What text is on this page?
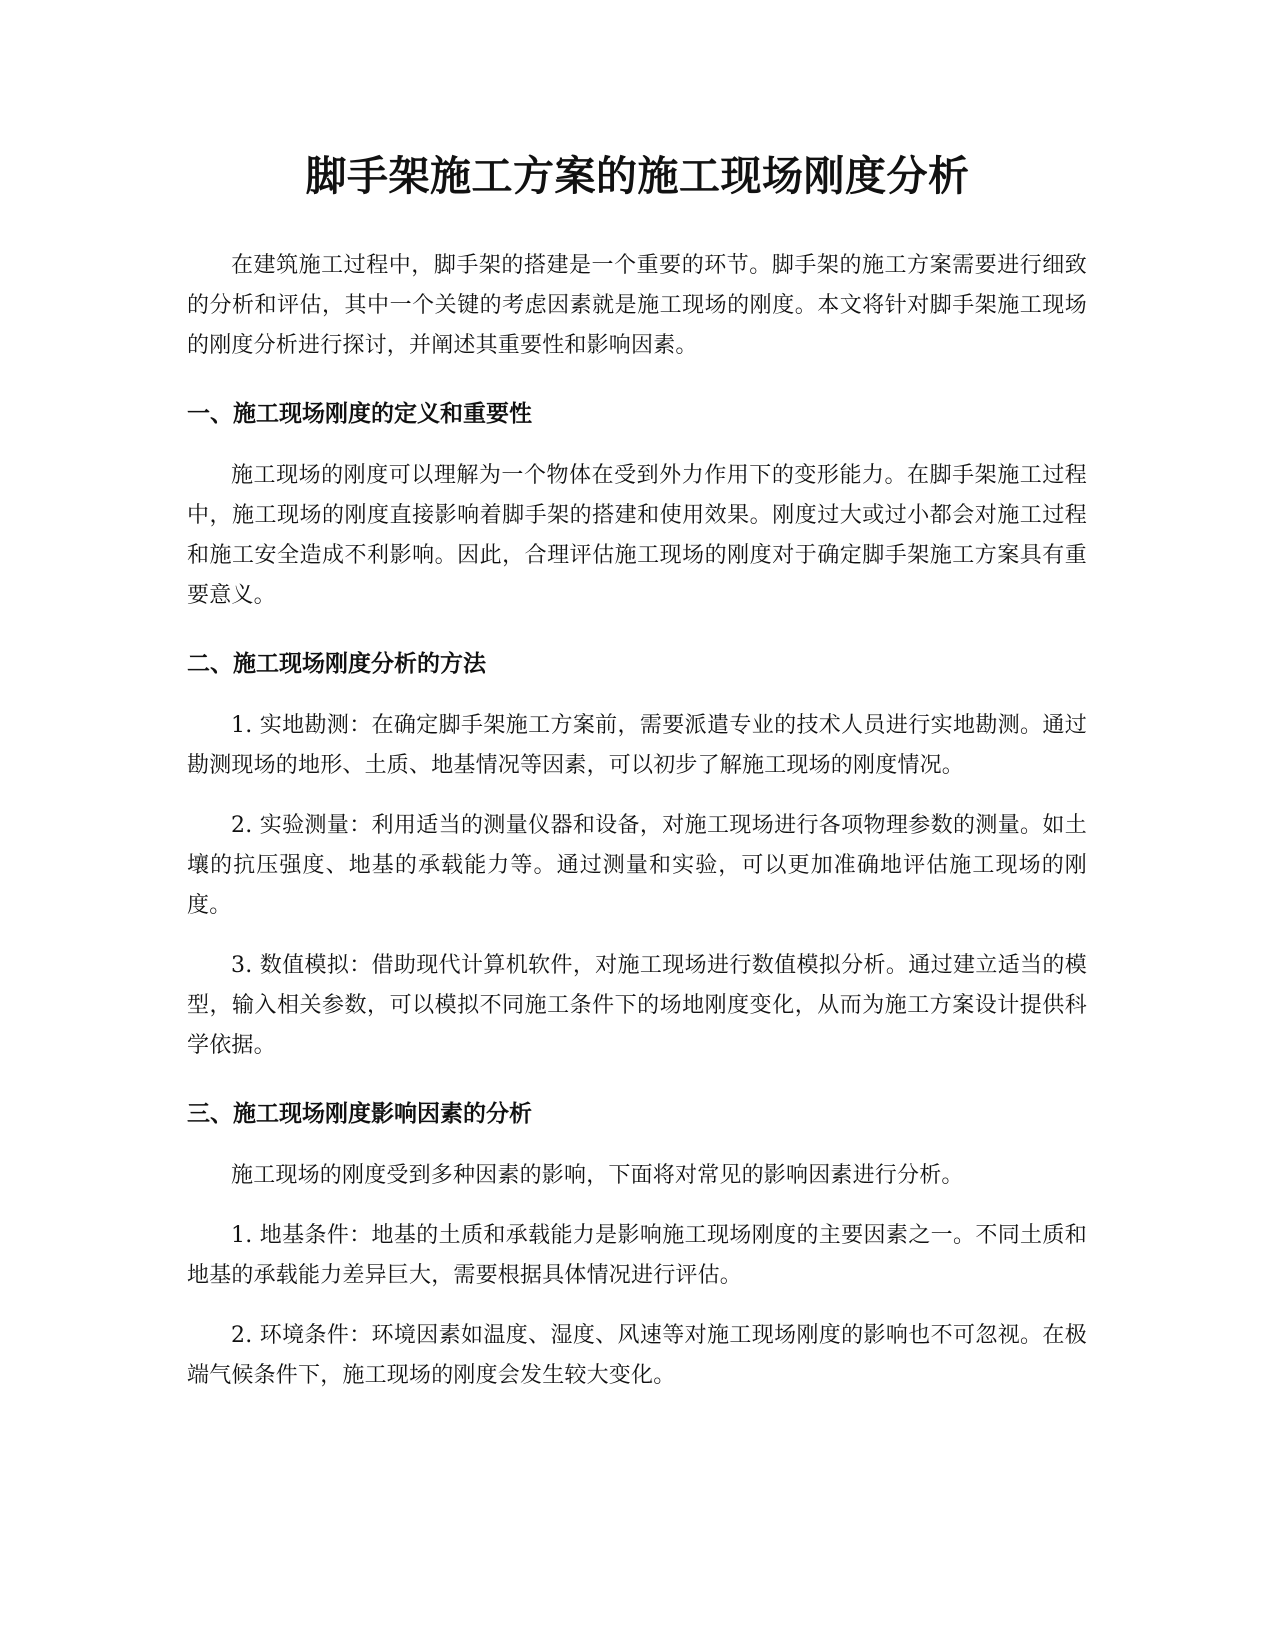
脚手架施工方案的施工现场刚度分析

在建筑施工过程中，脚手架的搭建是一个重要的环节。脚手架的施工方案需要进行细致的分析和评估，其中一个关键的考虑因素就是施工现场的刚度。本文将针对脚手架施工现场的刚度分析进行探讨，并阐述其重要性和影响因素。

一、施工现场刚度的定义和重要性

施工现场的刚度可以理解为一个物体在受到外力作用下的变形能力。在脚手架施工过程中，施工现场的刚度直接影响着脚手架的搭建和使用效果。刚度过大或过小都会对施工过程和施工安全造成不利影响。因此，合理评估施工现场的刚度对于确定脚手架施工方案具有重要意义。

二、施工现场刚度分析的方法

1. 实地勘测：在确定脚手架施工方案前，需要派遣专业的技术人员进行实地勘测。通过勘测现场的地形、土质、地基情况等因素，可以初步了解施工现场的刚度情况。

2. 实验测量：利用适当的测量仪器和设备，对施工现场进行各项物理参数的测量。如土壤的抗压强度、地基的承载能力等。通过测量和实验，可以更加准确地评估施工现场的刚度。

3. 数值模拟：借助现代计算机软件，对施工现场进行数值模拟分析。通过建立适当的模型，输入相关参数，可以模拟不同施工条件下的场地刚度变化，从而为施工方案设计提供科学依据。

三、施工现场刚度影响因素的分析

施工现场的刚度受到多种因素的影响，下面将对常见的影响因素进行分析。

1. 地基条件：地基的土质和承载能力是影响施工现场刚度的主要因素之一。不同土质和地基的承载能力差异巨大，需要根据具体情况进行评估。

2. 环境条件：环境因素如温度、湿度、风速等对施工现场刚度的影响也不可忽视。在极端气候条件下，施工现场的刚度会发生较大变化。
